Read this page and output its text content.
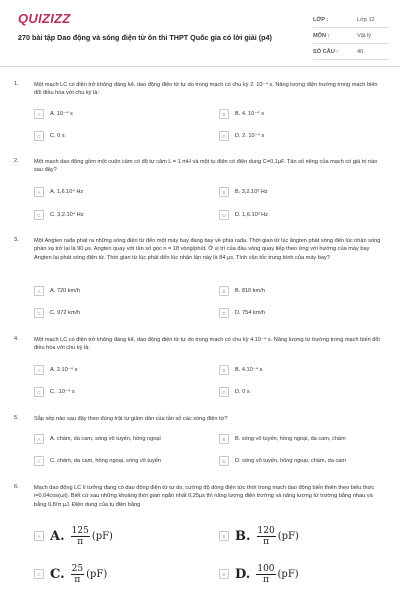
QUIZIZZ
270 bài tập Dao động và sóng điện từ ôn thi THPT Quốc gia có lời giải (p4)
LỚP :	Lớp 12
MÔN :	Vật lý
SỐ CÂU :	40
1.	Một mạch LC có điện trở không đáng kể, dao động điện từ tự do trong mạch có chu kỳ 2. 10⁻⁴ s. Năng lượng điện trường trong mạch biến đổi điều hòa với chu kỳ là:
A	A. 10⁻⁴ s	B	B. 4. 10⁻⁴ s
C	C. 0 s	D	D. 2. 10⁻⁴ s
2.	Một mạch dao động gồm một cuộn cảm có độ tự cảm L = 1 mH và một tụ điện có điện dung C=0,1μF. Tần số riêng của mạch có giá trị nào sau đây?
A	A. 1,6.10⁴ Hz	B	B. 3,2.10³ Hz
C	C. 3,2.10⁴ Hz	D	D. 1,6.10³ Hz
3.	Một Angten rađa phát ra những sóng điện từ đến một máy bay đang bay về phía rađa. Thời gian từ lúc ăngten phát sóng đến lúc nhận sóng phản xạ trở lại là 90 μs. Angten quay với tần số góc n = 18 vòng/phút. Ở vị trí của đầu vòng quay tiếp theo ứng với hướng của máy bay Angten lại phát sóng điện từ. Thời gian từ lúc phát đến lúc nhận lần này là 84 μs. Tính vận tốc trung bình của máy bay?
A	A. 720 km/h	B	B. 810 km/h
C	C. 972 km/h	D	D. 754 km/h
4.	Một mạch LC có điện trở không đáng kể, dao động điện từ tự do trong mạch có chu kỳ 4.10⁻⁴ s. Năng lượng từ trường trong mạch biến đổi điều hòa với chu kỳ là:
A	A. 2.10⁻⁴ s	B	B. 4.10⁻⁴ s
C	C. .10⁻⁴ s	D	D. 0 s
5.	Sắp xếp nào sau đây theo đúng trật tự giảm dần của tần số các sóng điện từ?
A	A. chàm, da cam, sóng vô tuyến, hồng ngoại	B	B. sóng vô tuyến, hồng ngoại, da cam, chàm
C	C. chàm, da cam, hồng ngoại, sóng vô tuyến	D	D. sóng vô tuyến, hồng ngoại, chàm, da cam
6.	Mạch dao động LC lí tưởng đang có dao động điện từ tự do, cường độ dòng điện tức thời trong mạch dao động biến thiên theo biểu thức i=0,04cos(ωt). Biết cứ sau những khoảng thời gian ngắn nhất 0,25μs thì năng lượng điện trường và năng lượng từ trường bằng nhau và bằng 0,8/π μJ. Điện dung của tụ điện bằng
A A. $\frac{125}{\pi} (pF)$	B B. $\frac{120}{\pi} (pF)$
C C. $\frac{25}{\pi} (pF)$	D D. $\frac{100}{\pi} (pF)$
